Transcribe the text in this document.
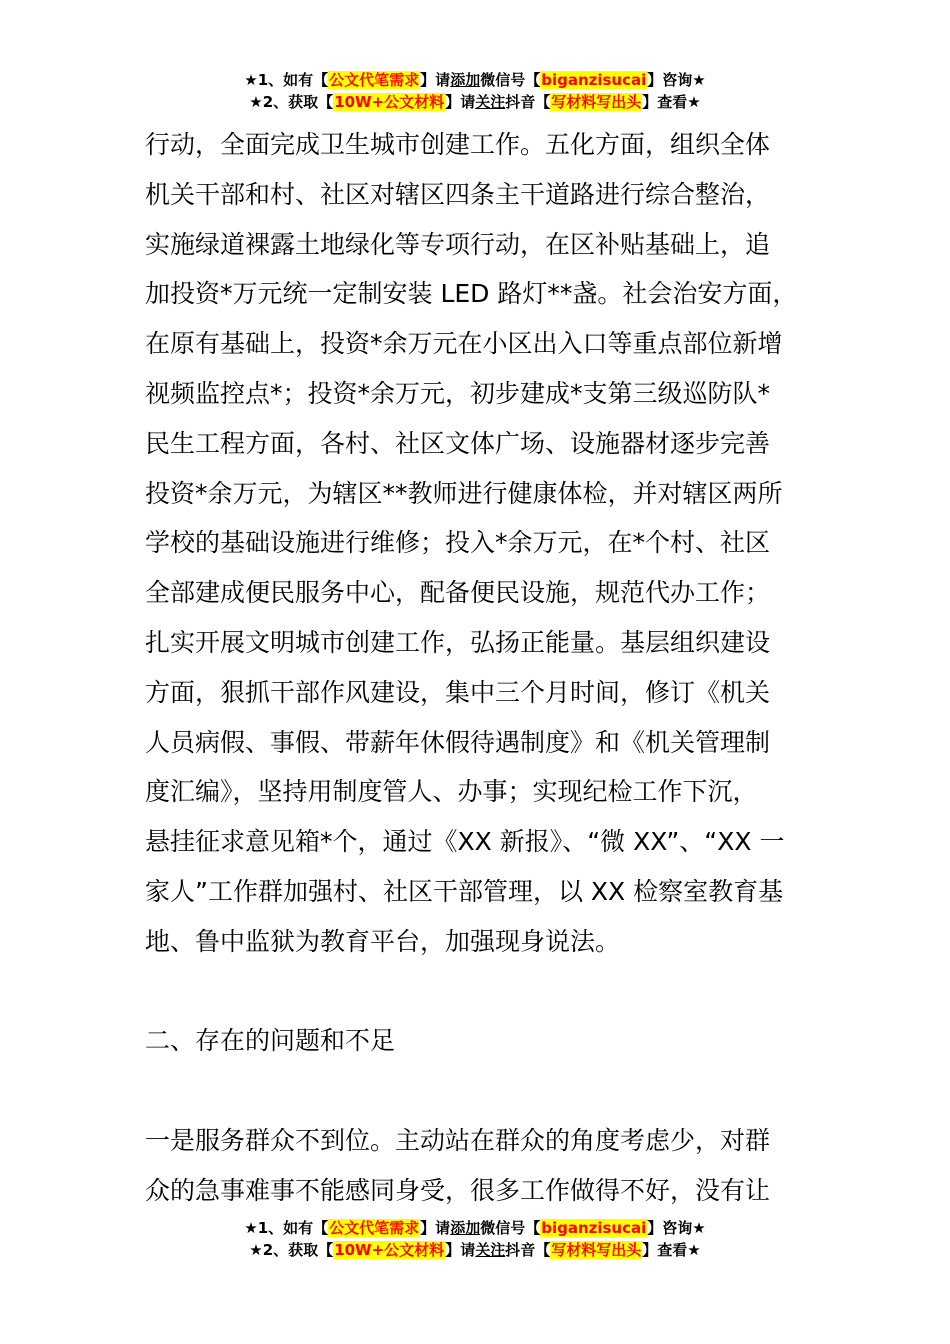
★1、如有【公文代笔需求】请添加微信号【biganzisucai】咨询★
★2、获取【10W+公文材料】请关注抖音【写材料写出头】查看★
行动，全面完成卫生城市创建工作。五化方面，组织全体
机关干部和村、社区对辖区四条主干道路进行综合整治，
实施绿道裸露土地绿化等专项行动，在区补贴基础上，追
加投资*万元统一定制安装 LED 路灯**盏。社会治安方面，
在原有基础上，投资*余万元在小区出入口等重点部位新增
视频监控点*；投资*余万元，初步建成*支第三级巡防队*
民生工程方面，各村、社区文体广场、设施器材逐步完善
投资*余万元，为辖区**教师进行健康体检，并对辖区两所
学校的基础设施进行维修；投入*余万元，在*个村、社区
全部建成便民服务中心，配备便民设施，规范代办工作；
扎实开展文明城市创建工作，弘扬正能量。基层组织建设
方面，狠抓干部作风建设，集中三个月时间，修订《机关
人员病假、事假、带薪年休假待遇制度》和《机关管理制
度汇编》，坚持用制度管人、办事；实现纪检工作下沉，
悬挂征求意见箱*个，通过《XX 新报》、“微 XX”、“XX 一
家人”工作群加强村、社区干部管理，以 XX 检察室教育基
地、鲁中监狱为教育平台，加强现身说法。
二、存在的问题和不足
一是服务群众不到位。主动站在群众的角度考虑少，对群
众的急事难事不能感同身受，很多工作做得不好，没有让
★1、如有【公文代笔需求】请添加微信号【biganzisucai】咨询★
★2、获取【10W+公文材料】请关注抖音【写材料写出头】查看★
